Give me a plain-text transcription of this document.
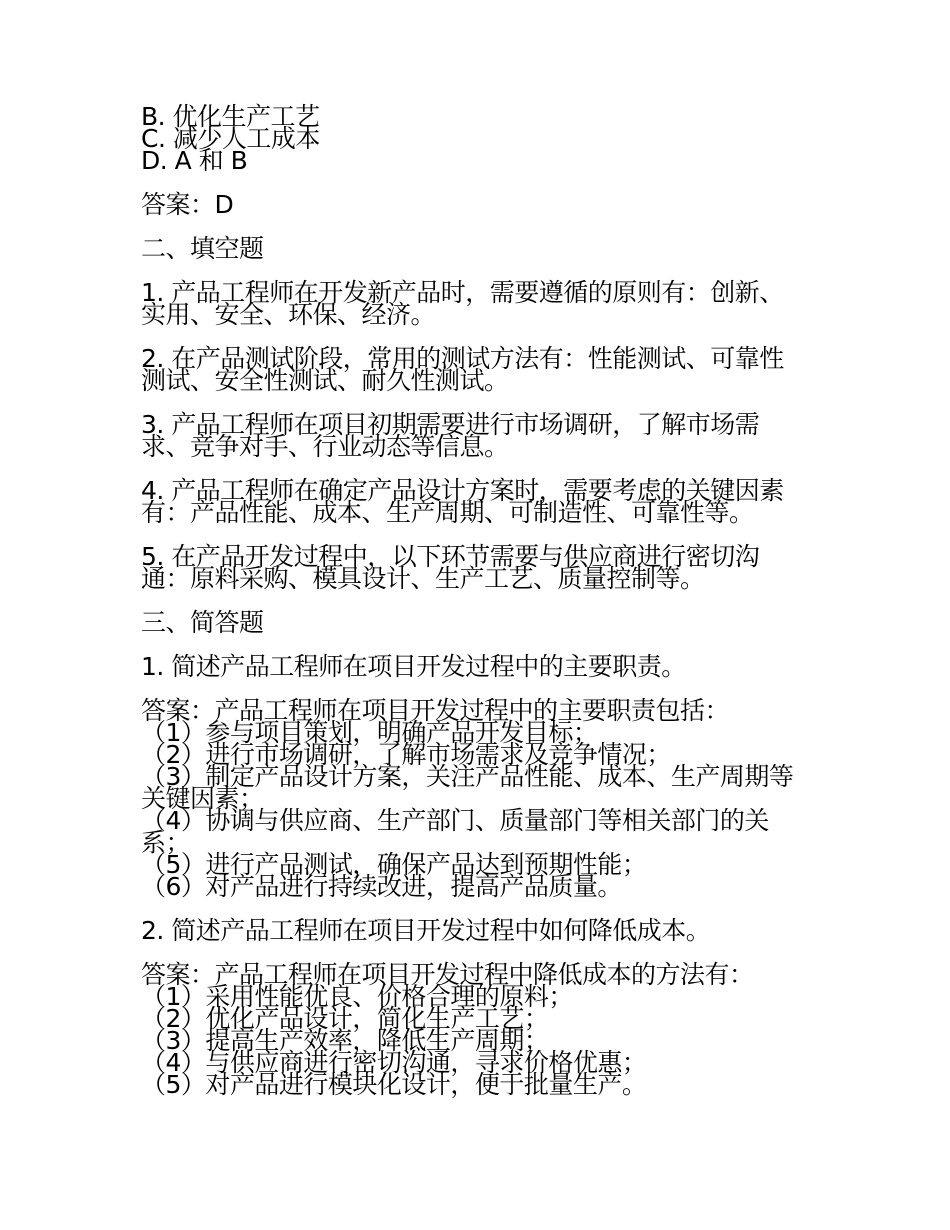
B. 优化生产工艺
C. 减少人工成本
D. A 和 B
答案：D
二、填空题
1. 产品工程师在开发新产品时，需要遵循的原则有：创新、
实用、安全、环保、经济。
2. 在产品测试阶段，常用的测试方法有：性能测试、可靠性
测试、安全性测试、耐久性测试。
3. 产品工程师在项目初期需要进行市场调研，了解市场需
求、竞争对手、行业动态等信息。
4. 产品工程师在确定产品设计方案时，需要考虑的关键因素
有：产品性能、成本、生产周期、可制造性、可靠性等。
5. 在产品开发过程中，以下环节需要与供应商进行密切沟
通：原料采购、模具设计、生产工艺、质量控制等。
三、简答题
1. 简述产品工程师在项目开发过程中的主要职责。
答案：产品工程师在项目开发过程中的主要职责包括：
（1）参与项目策划，明确产品开发目标；
（2）进行市场调研，了解市场需求及竞争情况；
（3）制定产品设计方案，关注产品性能、成本、生产周期等
关键因素；
（4）协调与供应商、生产部门、质量部门等相关部门的关
系；
（5）进行产品测试，确保产品达到预期性能；
（6）对产品进行持续改进，提高产品质量。
2. 简述产品工程师在项目开发过程中如何降低成本。
答案：产品工程师在项目开发过程中降低成本的方法有：
（1）采用性能优良、价格合理的原料；
（2）优化产品设计，简化生产工艺；
（3）提高生产效率，降低生产周期；
（4）与供应商进行密切沟通，寻求价格优惠；
（5）对产品进行模块化设计，便于批量生产。
